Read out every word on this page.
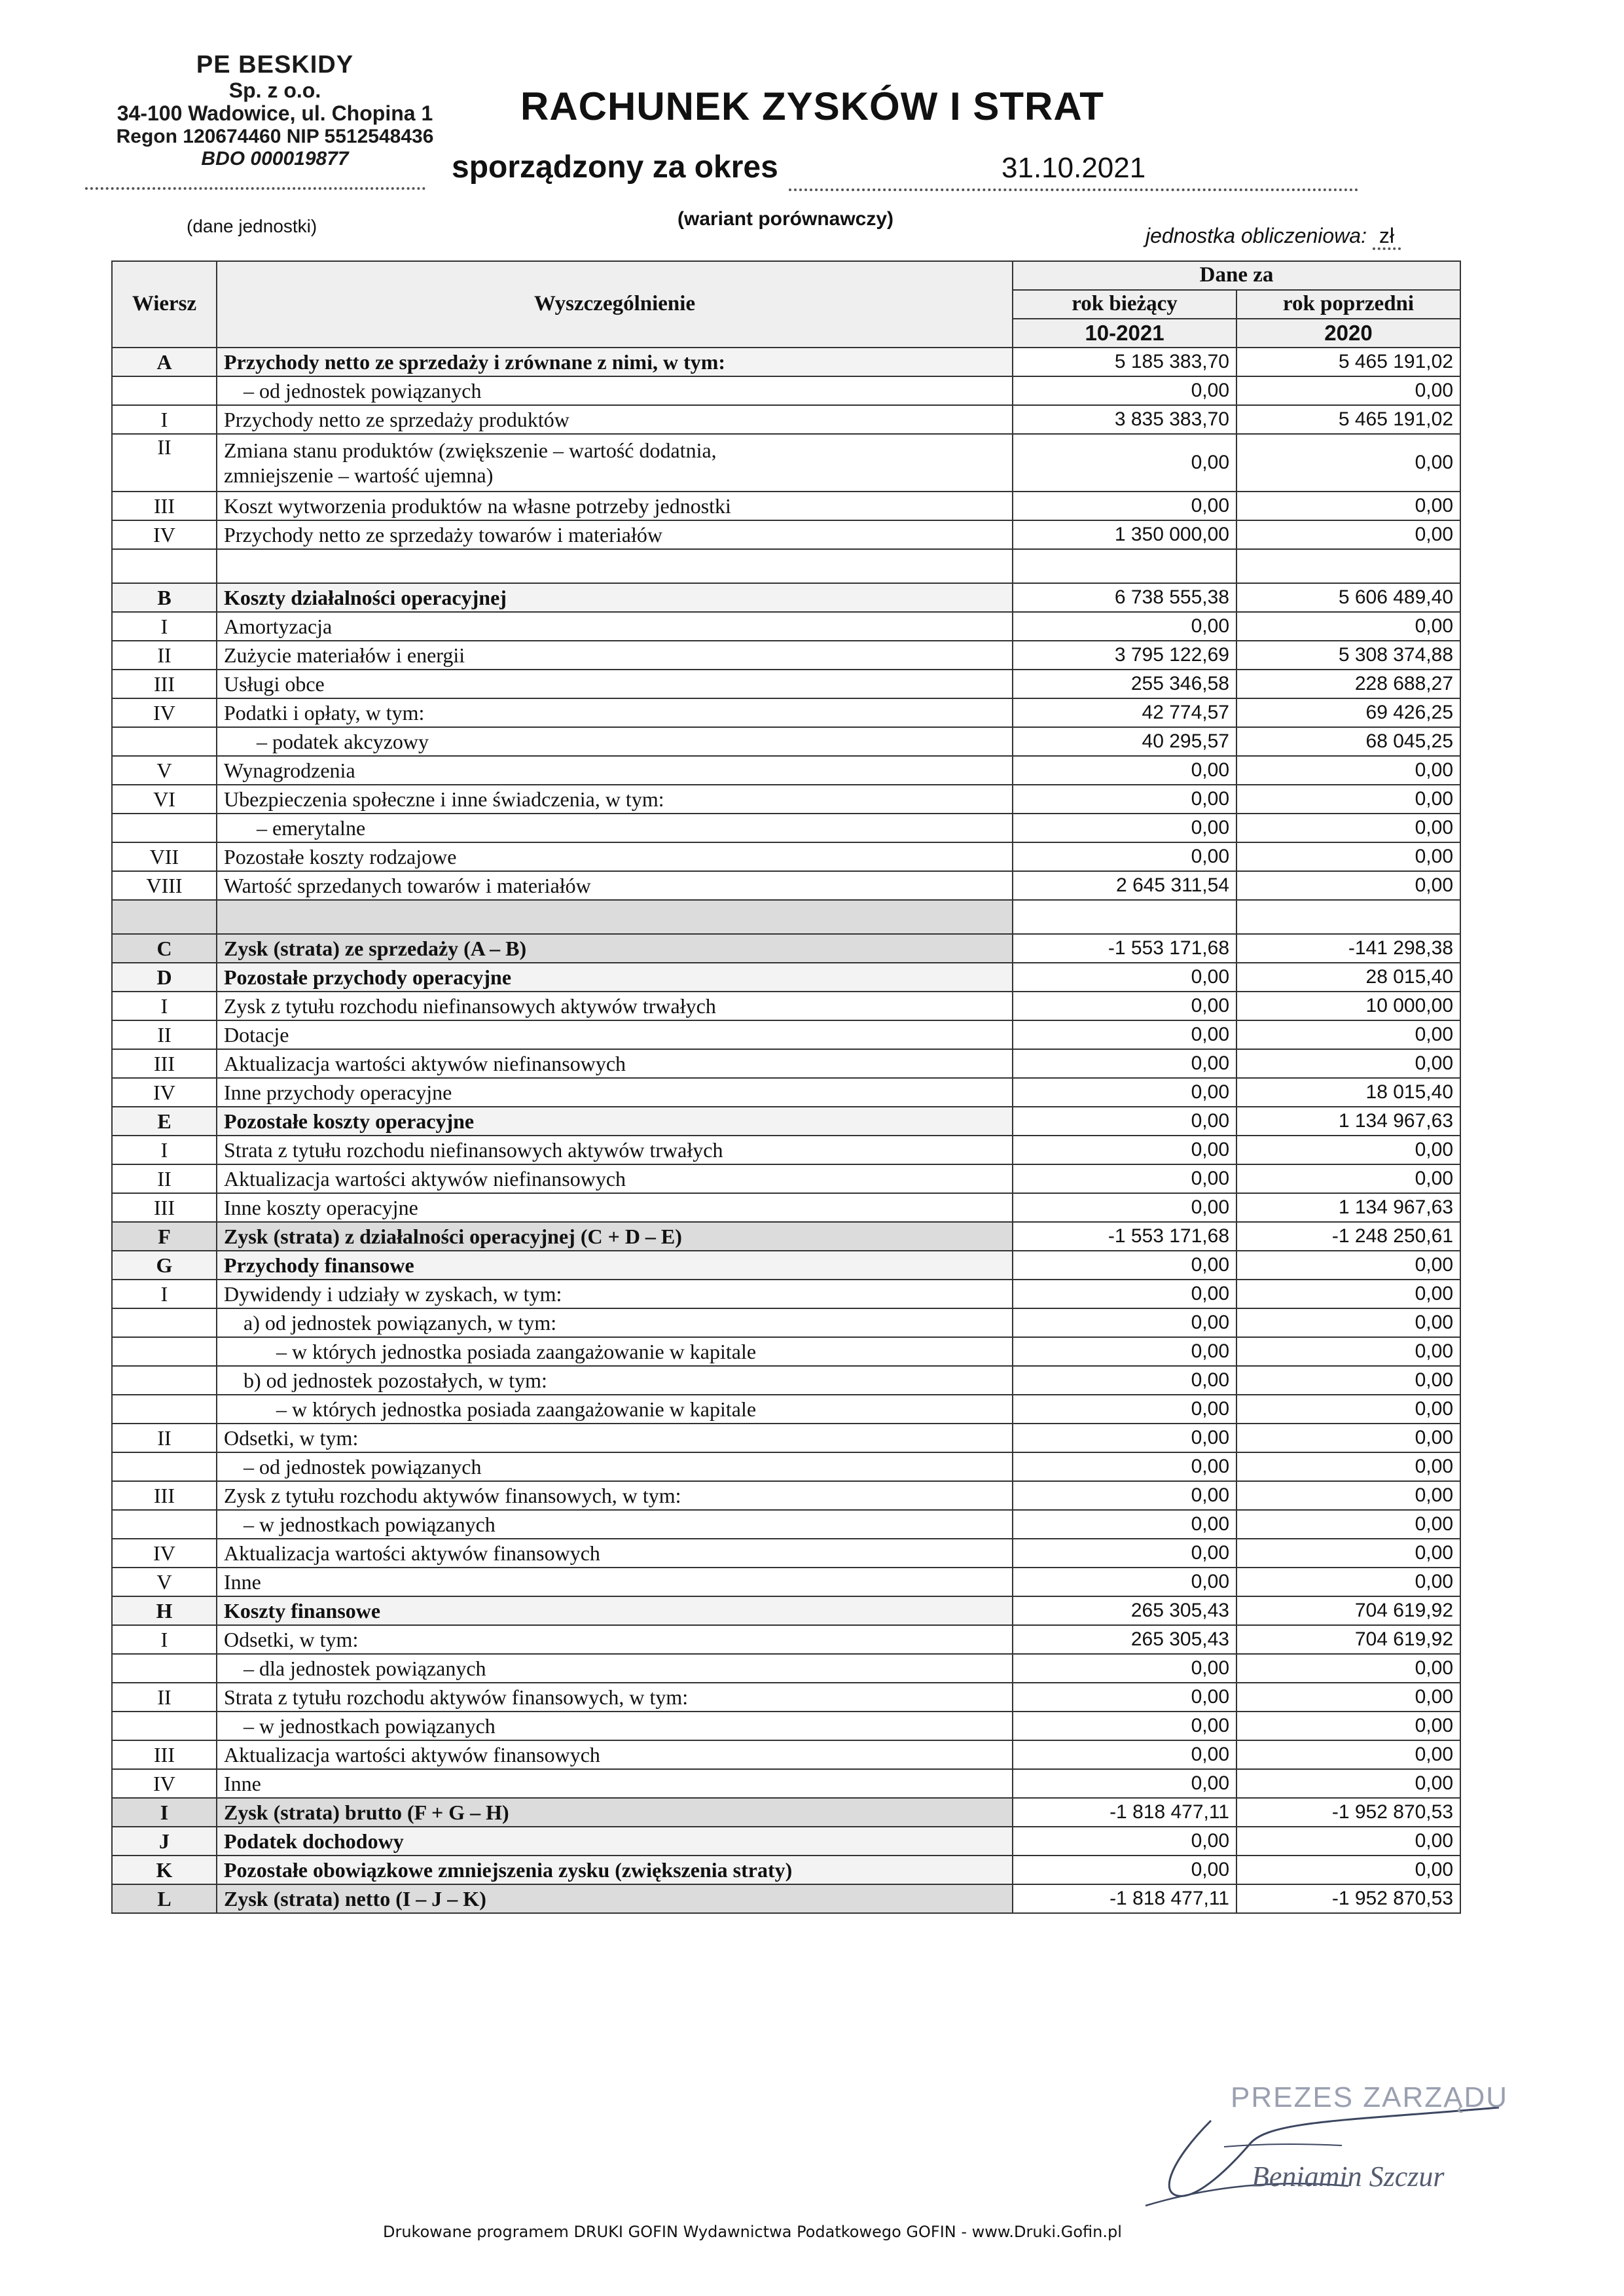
PE BESKIDY
Sp. z o.o.
34-100 Wadowice, ul. Chopina 1
Regon 120674460 NIP 5512548436
BDO 000019877
(dane jednostki)
RACHUNEK ZYSKÓW I STRAT
sporządzony za okres	31.10.2021
(wariant porównawczy)
jednostka obliczeniowa: zł
Wiersz	Wyszczególnienie	Dane za	
		rok bieżący	rok poprzedni
		10-2021	2020
A	Przychody netto ze sprzedaży i zrównane z nimi, w tym:	5 185 383,70	5 465 191,02
	– od jednostek powiązanych	0,00	0,00
I	Przychody netto ze sprzedaży produktów	3 835 383,70	5 465 191,02
II	Zmiana stanu produktów (zwiększenie – wartość dodatnia,
zmniejszenie – wartość ujemna)	0,00	0,00
III	Koszt wytworzenia produktów na własne potrzeby jednostki	0,00	0,00
IV	Przychody netto ze sprzedaży towarów i materiałów	1 350 000,00	0,00

B	Koszty działalności operacyjnej	6 738 555,38	5 606 489,40
I	Amortyzacja	0,00	0,00
II	Zużycie materiałów i energii	3 795 122,69	5 308 374,88
III	Usługi obce	255 346,58	228 688,27
IV	Podatki i opłaty, w tym:	42 774,57	69 426,25
	– podatek akcyzowy	40 295,57	68 045,25
V	Wynagrodzenia	0,00	0,00
VI	Ubezpieczenia społeczne i inne świadczenia, w tym:	0,00	0,00
	– emerytalne	0,00	0,00
VII	Pozostałe koszty rodzajowe	0,00	0,00
VIII	Wartość sprzedanych towarów i materiałów	2 645 311,54	0,00

C	Zysk (strata) ze sprzedaży (A – B)	-1 553 171,68	-141 298,38
D	Pozostałe przychody operacyjne	0,00	28 015,40
I	Zysk z tytułu rozchodu niefinansowych aktywów trwałych	0,00	10 000,00
II	Dotacje	0,00	0,00
III	Aktualizacja wartości aktywów niefinansowych	0,00	0,00
IV	Inne przychody operacyjne	0,00	18 015,40
E	Pozostałe koszty operacyjne	0,00	1 134 967,63
I	Strata z tytułu rozchodu niefinansowych aktywów trwałych	0,00	0,00
II	Aktualizacja wartości aktywów niefinansowych	0,00	0,00
III	Inne koszty operacyjne	0,00	1 134 967,63
F	Zysk (strata) z działalności operacyjnej (C + D – E)	-1 553 171,68	-1 248 250,61
G	Przychody finansowe	0,00	0,00
I	Dywidendy i udziały w zyskach, w tym:	0,00	0,00
	a) od jednostek powiązanych, w tym:	0,00	0,00
	– w których jednostka posiada zaangażowanie w kapitale	0,00	0,00
	b) od jednostek pozostałych, w tym:	0,00	0,00
	– w których jednostka posiada zaangażowanie w kapitale	0,00	0,00
II	Odsetki, w tym:	0,00	0,00
	– od jednostek powiązanych	0,00	0,00
III	Zysk z tytułu rozchodu aktywów finansowych, w tym:	0,00	0,00
	– w jednostkach powiązanych	0,00	0,00
IV	Aktualizacja wartości aktywów finansowych	0,00	0,00
V	Inne	0,00	0,00
H	Koszty finansowe	265 305,43	704 619,92
I	Odsetki, w tym:	265 305,43	704 619,92
	– dla jednostek powiązanych	0,00	0,00
II	Strata z tytułu rozchodu aktywów finansowych, w tym:	0,00	0,00
	– w jednostkach powiązanych	0,00	0,00
III	Aktualizacja wartości aktywów finansowych	0,00	0,00
IV	Inne	0,00	0,00
I	Zysk (strata) brutto (F + G – H)	-1 818 477,11	-1 952 870,53
J	Podatek dochodowy	0,00	0,00
K	Pozostałe obowiązkowe zmniejszenia zysku (zwiększenia straty)	0,00	0,00
L	Zysk (strata) netto (I – J – K)	-1 818 477,11	-1 952 870,53
PREZES ZARZĄDU
Beniamin Szczur
Drukowane programem DRUKI GOFIN Wydawnictwa Podatkowego GOFIN - www.Druki.Gofin.pl
